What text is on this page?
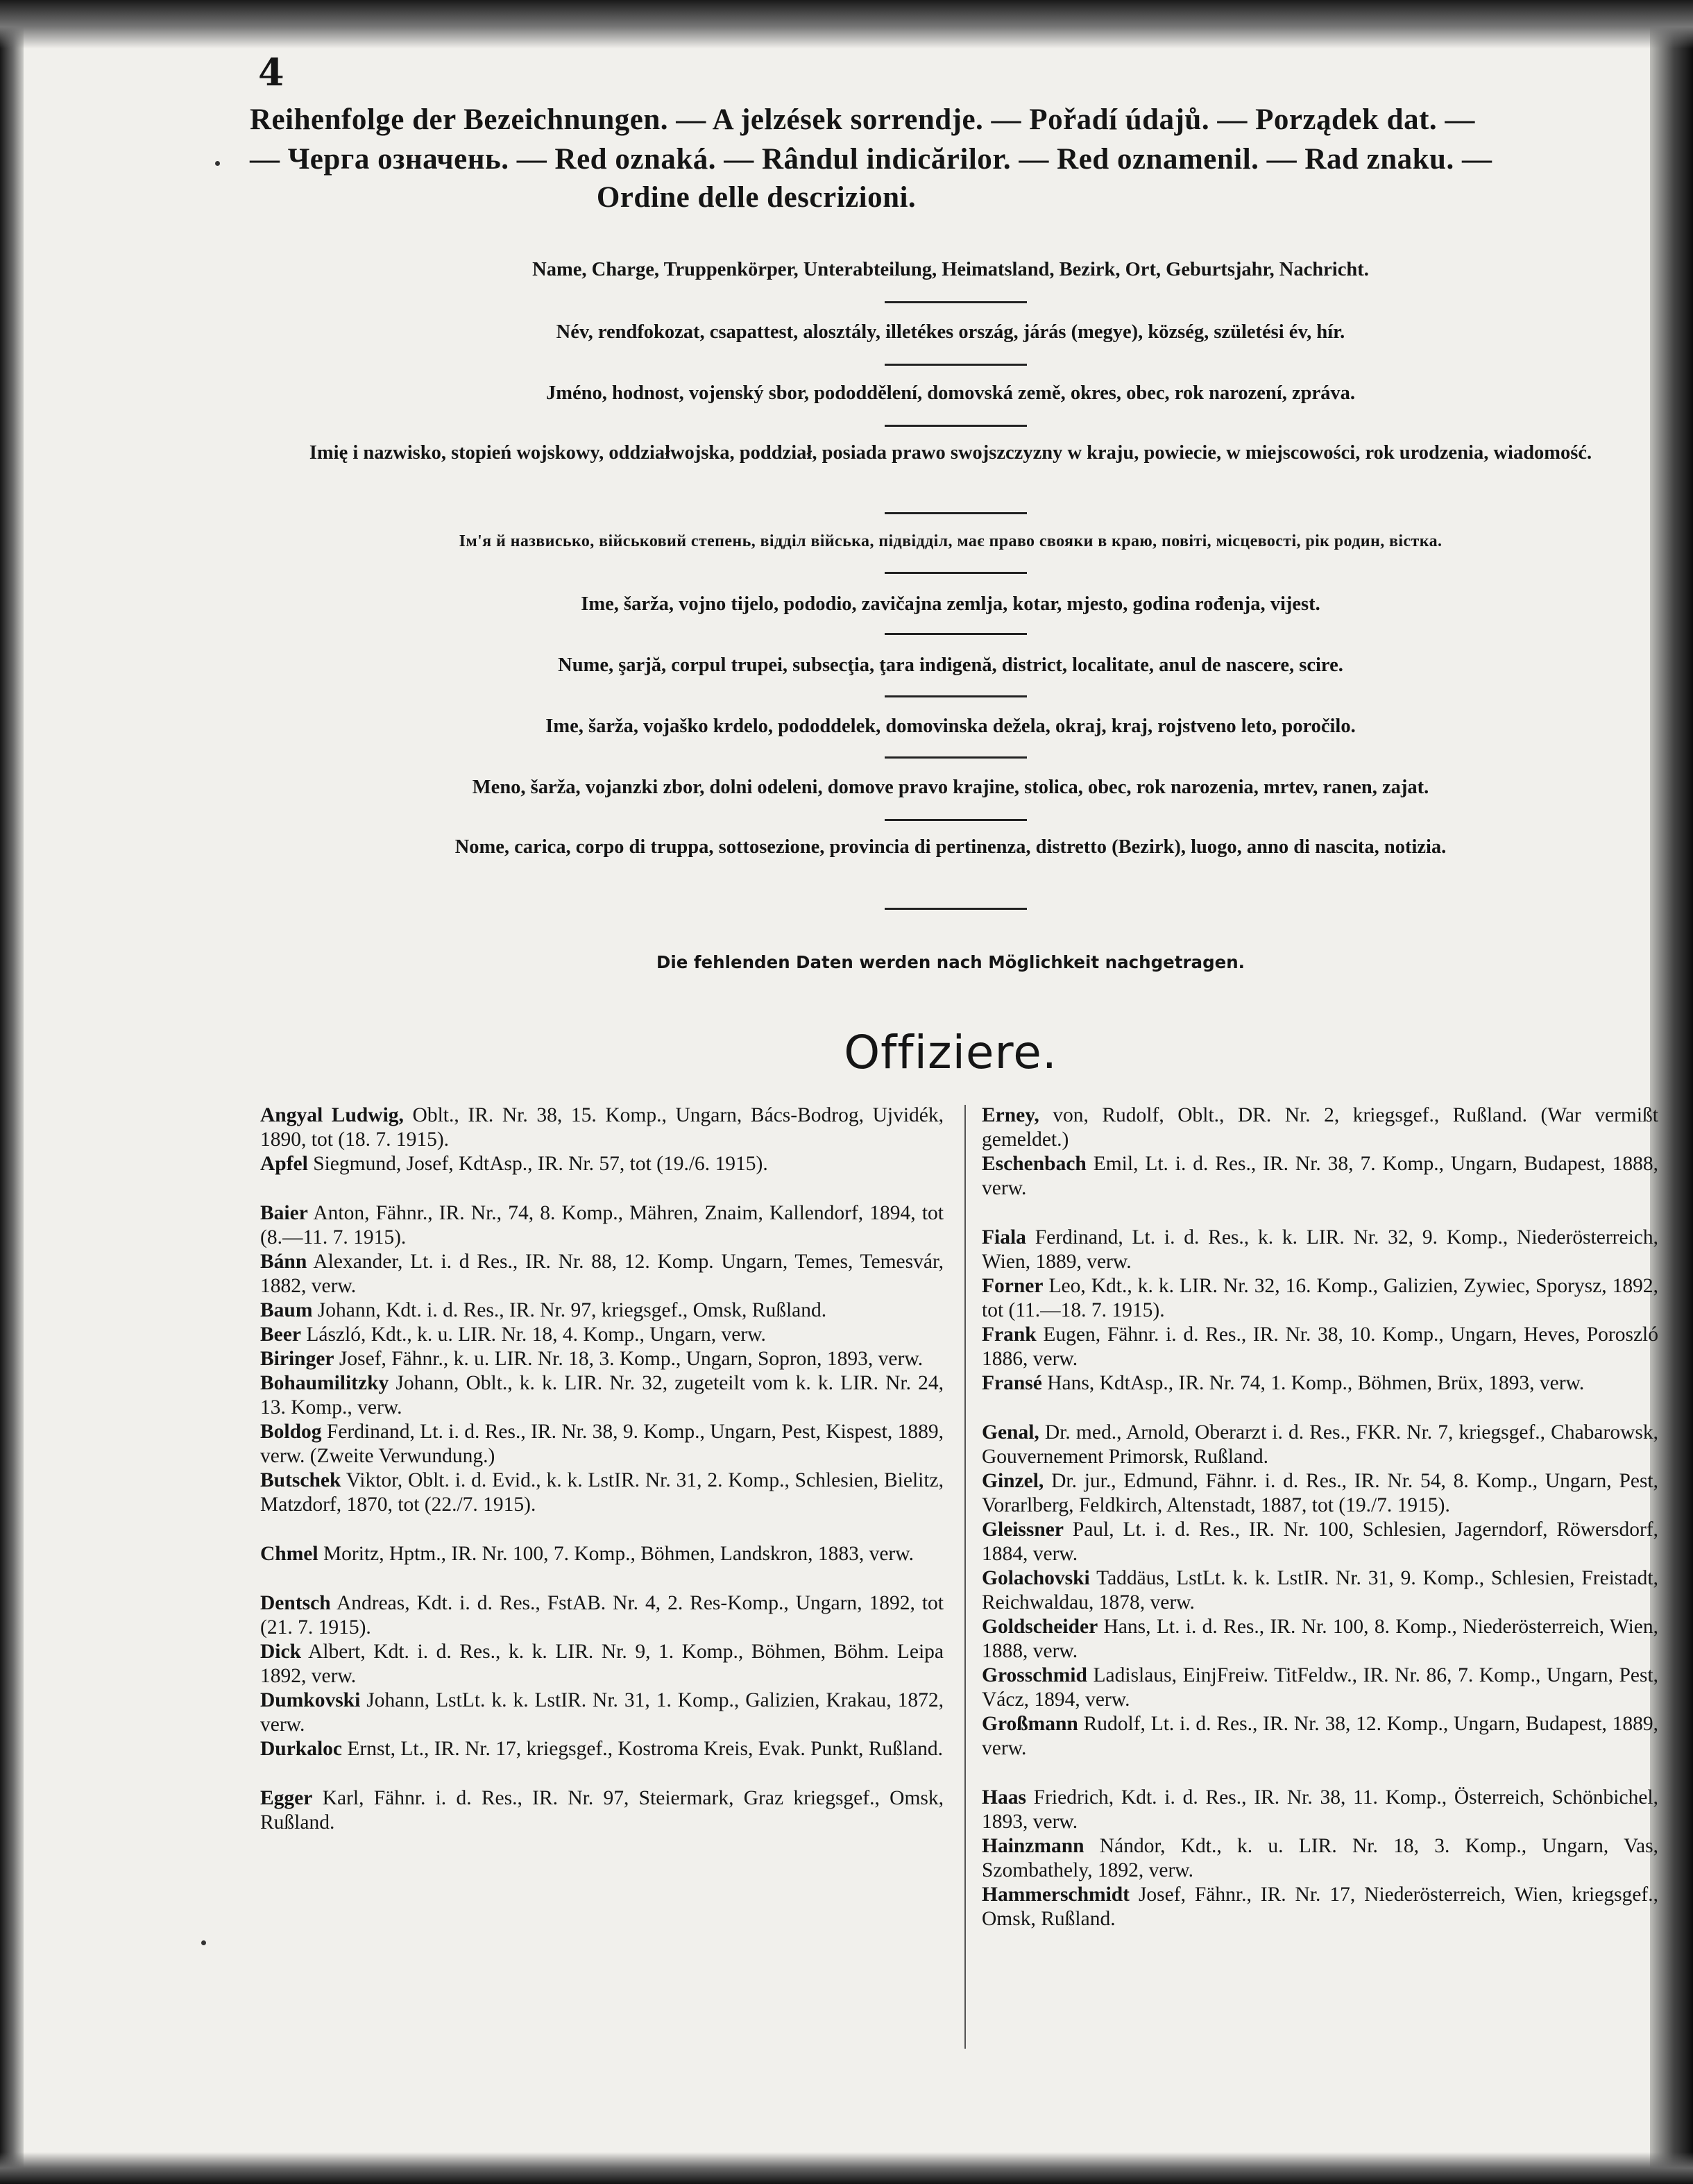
4
Reihenfolge der Bezeichnungen. — A jelzések sorrendje. — Pořadí údajů. — Porządek dat. —
— Черга означень. — Red oznaká. — Rândul indicărilor. — Red oznamenil. — Rad znaku. —
Ordine delle descrizioni.
Name, Charge, Truppenkörper, Unterabteilung, Heimatsland, Bezirk, Ort, Geburtsjahr, Nachricht.
Név, rendfokozat, csapattest, alosztály, illetékes ország, járás (megye), község, születési év, hír.
Jméno, hodnost, vojenský sbor, pododdělení, domovská země, okres, obec, rok narození, zpráva.
Imię i nazwisko, stopień wojskowy, oddziałwojska, poddział, posiada prawo swojszczyzny w kraju, powiecie, w miejscowości, rok urodzenia, wiadomość.
Ім'я й назвисько, військовий степень, відділ війська, підвідділ, має право свояки в краю, повіті, місцевості, рік родин, вістка.
Ime, šarža, vojno tijelo, pododio, zavičajna zemlja, kotar, mjesto, godina rođenja, vijest.
Nume, şarjă, corpul trupei, subsecţia, ţara indigenă, district, localitate, anul de nascere, scire.
Ime, šarža, vojaško krdelo, pododdelek, domovinska dežela, okraj, kraj, rojstveno leto, poročilo.
Meno, šarža, vojanzki zbor, dolni odeleni, domove pravo krajine, stolica, obec, rok narozenia, mrtev, ranen, zajat.
Nome, carica, corpo di truppa, sottosezione, provincia di pertinenza, distretto (Bezirk), luogo, anno di nascita, notizia.
Die fehlenden Daten werden nach Möglichkeit nachgetragen.
Offiziere.
Angyal Ludwig, Oblt., IR. Nr. 38, 15. Komp., Ungarn, Bács-Bodrog, Ujvidék, 1890, tot (18. 7. 1915).
Apfel Siegmund, Josef, KdtAsp., IR. Nr. 57, tot (19./6. 1915).
Baier Anton, Fähnr., IR. Nr., 74, 8. Komp., Mähren, Znaim, Kallendorf, 1894, tot (8.—11. 7. 1915).
Bánn Alexander, Lt. i. d Res., IR. Nr. 88, 12. Komp. Ungarn, Temes, Temesvár, 1882, verw.
Baum Johann, Kdt. i. d. Res., IR. Nr. 97, kriegsgef., Omsk, Rußland.
Beer László, Kdt., k. u. LIR. Nr. 18, 4. Komp., Ungarn, verw.
Biringer Josef, Fähnr., k. u. LIR. Nr. 18, 3. Komp., Ungarn, Sopron, 1893, verw.
Bohaumilitzky Johann, Oblt., k. k. LIR. Nr. 32, zugeteilt vom k. k. LIR. Nr. 24, 13. Komp., verw.
Boldog Ferdinand, Lt. i. d. Res., IR. Nr. 38, 9. Komp., Ungarn, Pest, Kispest, 1889, verw. (Zweite Verwundung.)
Butschek Viktor, Oblt. i. d. Evid., k. k. LstIR. Nr. 31, 2. Komp., Schlesien, Bielitz, Matzdorf, 1870, tot (22./7. 1915).
Chmel Moritz, Hptm., IR. Nr. 100, 7. Komp., Böhmen, Landskron, 1883, verw.
Dentsch Andreas, Kdt. i. d. Res., FstAB. Nr. 4, 2. Res-Komp., Ungarn, 1892, tot (21. 7. 1915).
Dick Albert, Kdt. i. d. Res., k. k. LIR. Nr. 9, 1. Komp., Böhmen, Böhm. Leipa 1892, verw.
Dumkovski Johann, LstLt. k. k. LstIR. Nr. 31, 1. Komp., Galizien, Krakau, 1872, verw.
Durkaloc Ernst, Lt., IR. Nr. 17, kriegsgef., Kostroma Kreis, Evak. Punkt, Rußland.
Egger Karl, Fähnr. i. d. Res., IR. Nr. 97, Steiermark, Graz kriegsgef., Omsk, Rußland.
Erney, von, Rudolf, Oblt., DR. Nr. 2, kriegsgef., Rußland. (War vermißt gemeldet.)
Eschenbach Emil, Lt. i. d. Res., IR. Nr. 38, 7. Komp., Ungarn, Budapest, 1888, verw.
Fiala Ferdinand, Lt. i. d. Res., k. k. LIR. Nr. 32, 9. Komp., Niederösterreich, Wien, 1889, verw.
Forner Leo, Kdt., k. k. LIR. Nr. 32, 16. Komp., Galizien, Zywiec, Sporysz, 1892, tot (11.—18. 7. 1915).
Frank Eugen, Fähnr. i. d. Res., IR. Nr. 38, 10. Komp., Ungarn, Heves, Poroszló 1886, verw.
Fransé Hans, KdtAsp., IR. Nr. 74, 1. Komp., Böhmen, Brüx, 1893, verw.
Genal, Dr. med., Arnold, Oberarzt i. d. Res., FKR. Nr. 7, kriegsgef., Chabarowsk, Gouvernement Primorsk, Rußland.
Ginzel, Dr. jur., Edmund, Fähnr. i. d. Res., IR. Nr. 54, 8. Komp., Ungarn, Pest, Vorarlberg, Feldkirch, Altenstadt, 1887, tot (19./7. 1915).
Gleissner Paul, Lt. i. d. Res., IR. Nr. 100, Schlesien, Jagerndorf, Röwersdorf, 1884, verw.
Golachovski Taddäus, LstLt. k. k. LstIR. Nr. 31, 9. Komp., Schlesien, Freistadt, Reichwaldau, 1878, verw.
Goldscheider Hans, Lt. i. d. Res., IR. Nr. 100, 8. Komp., Niederösterreich, Wien, 1888, verw.
Grosschmid Ladislaus, EinjFreiw. TitFeldw., IR. Nr. 86, 7. Komp., Ungarn, Pest, Vácz, 1894, verw.
Großmann Rudolf, Lt. i. d. Res., IR. Nr. 38, 12. Komp., Ungarn, Budapest, 1889, verw.
Haas Friedrich, Kdt. i. d. Res., IR. Nr. 38, 11. Komp., Österreich, Schönbichel, 1893, verw.
Hainzmann Nándor, Kdt., k. u. LIR. Nr. 18, 3. Komp., Ungarn, Vas, Szombathely, 1892, verw.
Hammerschmidt Josef, Fähnr., IR. Nr. 17, Niederösterreich, Wien, kriegsgef., Omsk, Rußland.
